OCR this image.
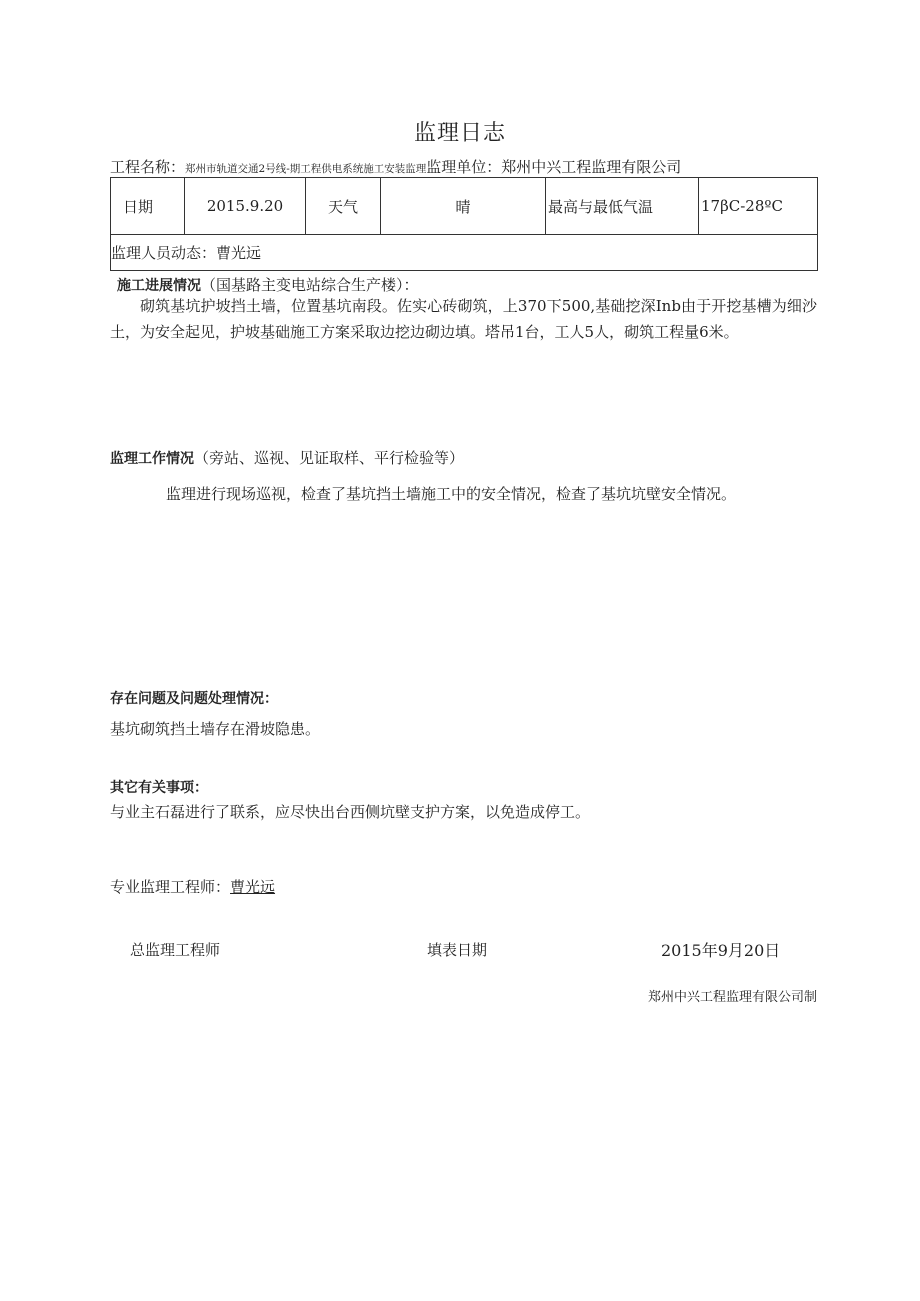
监理日志
工程名称：郑州市轨道交通2号线-期工程供电系统施工安装监理监理单位：郑州中兴工程监理有限公司
日期	2015.9.20	天气	晴	最高与最低气温	17βC-28ºC
监理人员动态：曹光远
施工进展情况（国基路主变电站综合生产楼）：
砌筑基坑护坡挡土墙，位置基坑南段。佐实心砖砌筑，上370下500,基础挖深Inb由于开挖基槽为细沙土，为安全起见，护坡基础施工方案采取边挖边砌边填。塔吊1台，工人5人，砌筑工程量6米。
监理工作情况（旁站、巡视、见证取样、平行检验等）
监理进行现场巡视，检查了基坑挡土墙施工中的安全情况，检查了基坑坑壁安全情况。
存在问题及问题处理情况：
基坑砌筑挡土墙存在滑坡隐患。
其它有关事项：
与业主石磊进行了联系，应尽快出台西侧坑壁支护方案，以免造成停工。
专业监理工程师：曹光远
总监理工程师	填表日期	2015年9月20日
郑州中兴工程监理有限公司制
